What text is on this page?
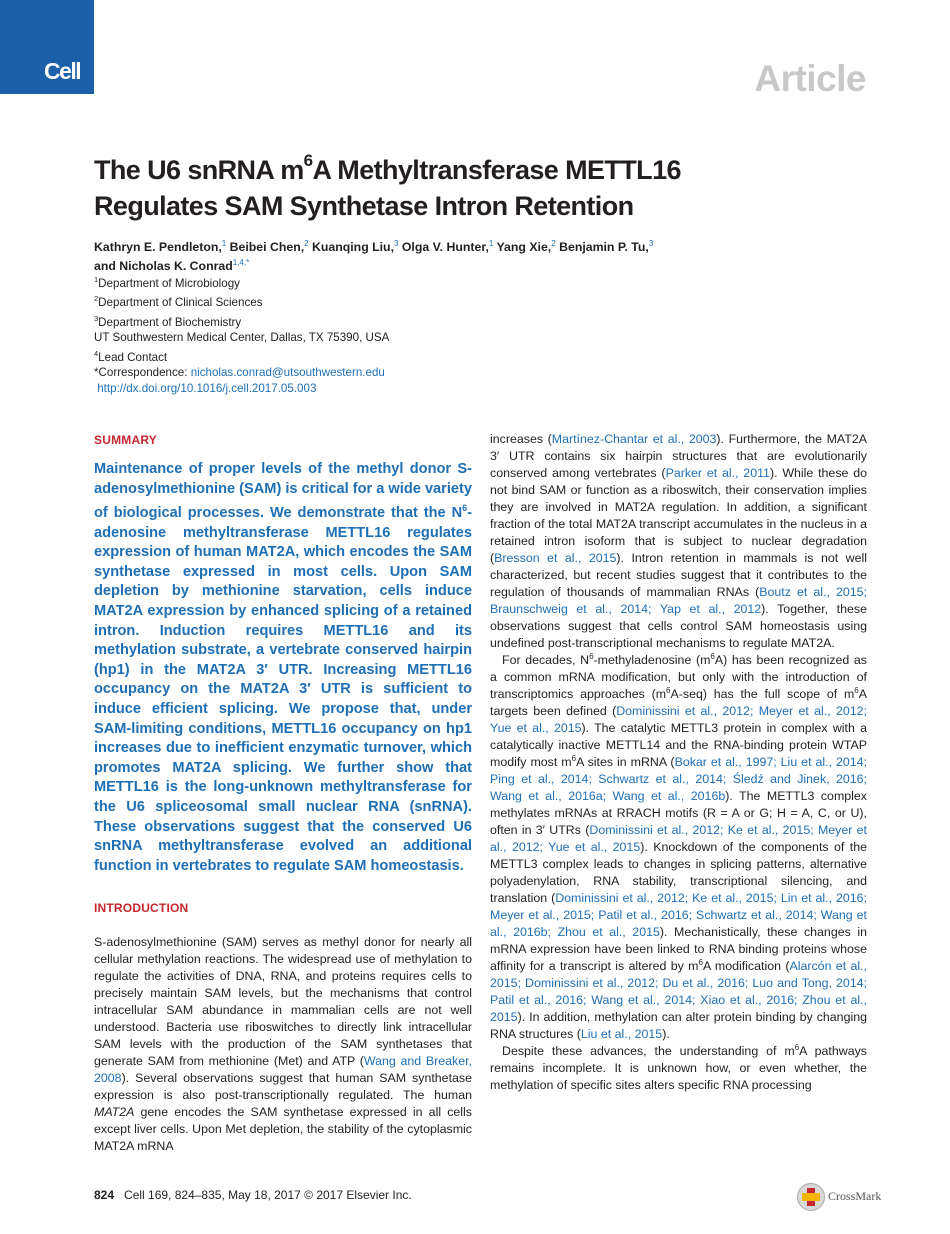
Cell	Article
The U6 snRNA $m^6A$ Methyltransferase METTL16
Regulates SAM Synthetase Intron Retention
Kathryn E. Pendleton,$^1$ Beibei Chen,$^2$ Kuanqing Liu,$^3$ Olga V. Hunter,$^1$ Yang Xie,$^2$ Benjamin P. Tu,$^3$
and Nicholas K. Conrad$^{1,4,*}$
$^1$Department of Microbiology
$^2$Department of Clinical Sciences
$^3$Department of Biochemistry
UT Southwestern Medical Center, Dallas, TX 75390, USA
$^4$Lead Contact
*Correspondence: nicholas.conrad@utsouthwestern.edu
http://dx.doi.org/10.1016/j.cell.2017.05.003
SUMMARY
Maintenance of proper levels of the methyl donor S-adenosylmethionine (SAM) is critical for a wide variety of biological processes. We demonstrate that the $N^6$-adenosine methyltransferase METTL16 regulates expression of human MAT2A, which encodes the SAM synthetase expressed in most cells. Upon SAM depletion by methionine starvation, cells induce MAT2A expression by enhanced splicing of a retained intron. Induction requires METTL16 and its methylation substrate, a vertebrate conserved hairpin (hp1) in the MAT2A 3′ UTR. Increasing METTL16 occupancy on the MAT2A 3′ UTR is sufficient to induce efficient splicing. We propose that, under SAM-limiting conditions, METTL16 occupancy on hp1 increases due to inefficient enzymatic turnover, which promotes MAT2A splicing. We further show that METTL16 is the long-unknown methyltransferase for the U6 spliceosomal small nuclear RNA (snRNA). These observations suggest that the conserved U6 snRNA methyltransferase evolved an additional function in vertebrates to regulate SAM homeostasis.
INTRODUCTION

S-adenosylmethionine (SAM) serves as methyl donor for nearly all cellular methylation reactions. The widespread use of methylation to regulate the activities of DNA, RNA, and proteins requires cells to precisely maintain SAM levels, but the mechanisms that control intracellular SAM abundance in mammalian cells are not well understood. Bacteria use riboswitches to directly link intracellular SAM levels with the production of the SAM synthetases that generate SAM from methionine (Met) and ATP (Wang and Breaker, 2008). Several observations suggest that human SAM synthetase expression is also post-transcriptionally regulated. The human MAT2A gene encodes the SAM synthetase expressed in all cells except liver cells. Upon Met depletion, the stability of the cytoplasmic MAT2A mRNA

increases (Martínez-Chantar et al., 2003). Furthermore, the MAT2A 3′ UTR contains six hairpin structures that are evolutionarily conserved among vertebrates (Parker et al., 2011). While these do not bind SAM or function as a riboswitch, their conservation implies they are involved in MAT2A regulation. In addition, a significant fraction of the total MAT2A transcript accumulates in the nucleus in a retained intron isoform that is subject to nuclear degradation (Bresson et al., 2015). Intron retention in mammals is not well characterized, but recent studies suggest that it contributes to the regulation of thousands of mammalian RNAs (Boutz et al., 2015; Braunschweig et al., 2014; Yap et al., 2012). Together, these observations suggest that cells control SAM homeostasis using undefined post-transcriptional mechanisms to regulate MAT2A.

For decades, $N^6$-methyladenosine $(m^6A)$ has been recognized as a common mRNA modification, but only with the introduction of transcriptomics approaches $(m^6A-seq)$ has the full scope of $m^6A$ targets been defined (Dominissini et al., 2012; Meyer et al., 2012; Yue et al., 2015). The catalytic METTL3 protein in complex with a catalytically inactive METTL14 and the RNA-binding protein WTAP modify most $m^6A$ sites in mRNA (Bokar et al., 1997; Liu et al., 2014; Ping et al., 2014; Schwartz et al., 2014; Śledź and Jinek, 2016; Wang et al., 2016a; Wang et al., 2016b). The METTL3 complex methylates mRNAs at RRACH motifs (R = A or G; H = A, C, or U), often in 3′ UTRs (Dominissini et al., 2012; Ke et al., 2015; Meyer et al., 2012; Yue et al., 2015). Knockdown of the components of the METTL3 complex leads to changes in splicing patterns, alternative polyadenylation, RNA stability, transcriptional silencing, and translation (Dominissini et al., 2012; Ke et al., 2015; Lin et al., 2016; Meyer et al., 2015; Patil et al., 2016; Schwartz et al., 2014; Wang et al., 2016b; Zhou et al., 2015). Mechanistically, these changes in mRNA expression have been linked to RNA binding proteins whose affinity for a transcript is altered by $m^6A$ modification (Alarcón et al., 2015; Dominissini et al., 2012; Du et al., 2016; Luo and Tong, 2014; Patil et al., 2016; Wang et al., 2014; Xiao et al., 2016; Zhou et al., 2015). In addition, methylation can alter protein binding by changing RNA structures (Liu et al., 2015).

Despite these advances, the understanding of $m^6A$ pathways remains incomplete. It is unknown how, or even whether, the methylation of specific sites alters specific RNA processing

824 Cell 169, 824–835, May 18, 2017 © 2017 Elsevier Inc.	CrossMark
